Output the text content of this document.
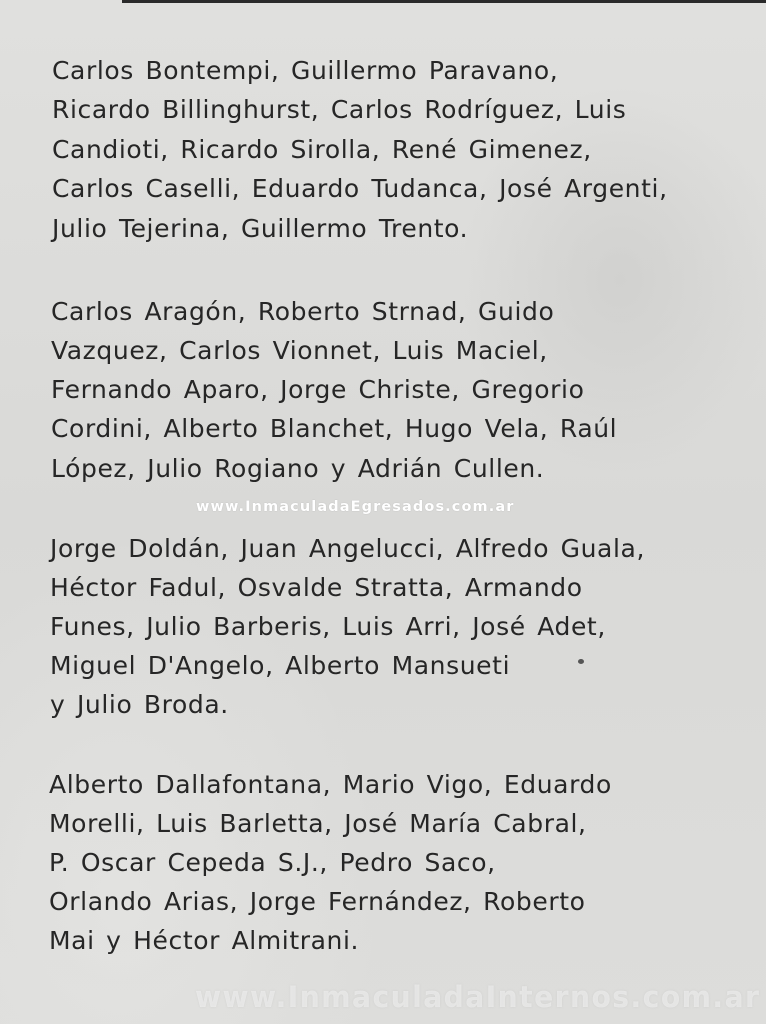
Carlos Bontempi, Guillermo Paravano,
Ricardo Billinghurst, Carlos Rodríguez, Luis
Candioti, Ricardo Sirolla, René Gimenez,
Carlos Caselli, Eduardo Tudanca, José Argenti,
Julio Tejerina, Guillermo Trento.
Carlos Aragón, Roberto Strnad, Guido
Vazquez, Carlos Vionnet, Luis Maciel,
Fernando Aparo, Jorge Christe, Gregorio
Cordini, Alberto Blanchet, Hugo Vela, Raúl
López, Julio Rogiano y Adrián Cullen.
www.InmaculadaEgresados.com.ar
Jorge Doldán, Juan Angelucci, Alfredo Guala,
Héctor Fadul, Osvalde Stratta, Armando
Funes, Julio Barberis, Luis Arri, José Adet,
Miguel D'Angelo, Alberto Mansueti
y Julio Broda.
Alberto Dallafontana, Mario Vigo, Eduardo
Morelli, Luis Barletta, José María Cabral,
P. Oscar Cepeda S.J., Pedro Saco,
Orlando Arias, Jorge Fernández, Roberto
Mai y Héctor Almitrani.
www.InmaculadaInternos.com.ar
